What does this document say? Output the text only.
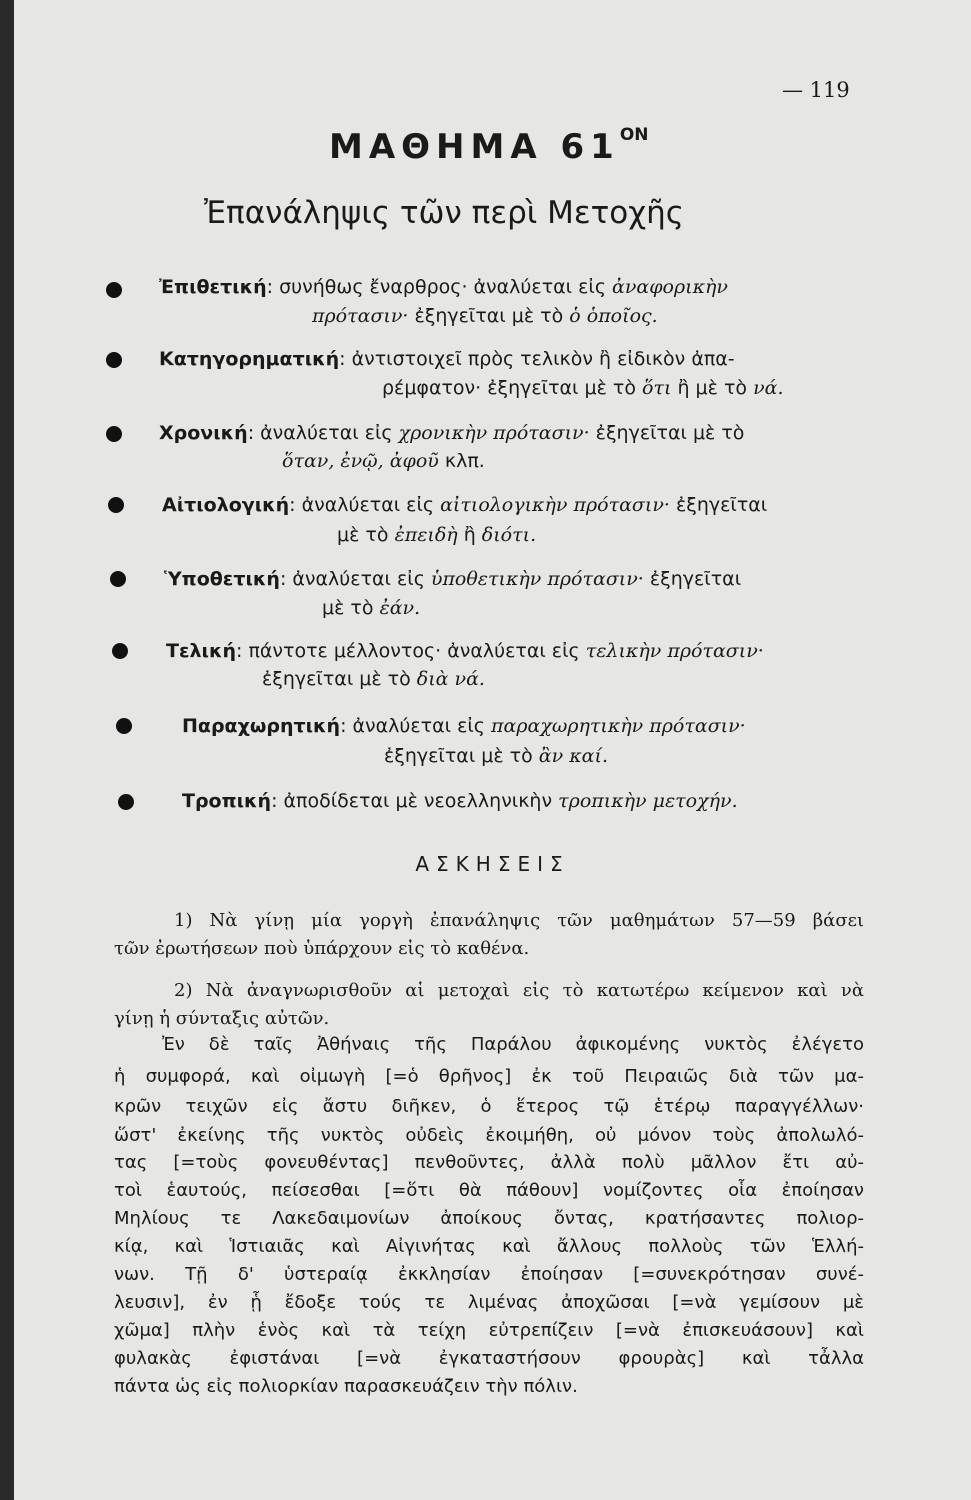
— 119
ΜΑΘΗΜΑ $61^{ON}$
Ἐπανάληψις τῶν περὶ Μετοχῆς
Ἐπιθετική: συνήθως ἔναρθρος· ἀναλύεται εἰς ἀναφορικὴν
πρότασιν· ἐξηγεῖται μὲ τὸ ὁ ὁποῖος.
Κατηγορηματική: ἀντιστοιχεῖ πρὸς τελικὸν ἢ εἰδικὸν ἀπα-
ρέμφατον· ἐξηγεῖται μὲ τὸ ὅτι ἢ μὲ τὸ νά.
Χρονική: ἀναλύεται εἰς χρονικὴν πρότασιν· ἐξηγεῖται μὲ τὸ
ὅταν, ἐνῷ, ἀφοῦ κλπ.
Αἰτιολογική: ἀναλύεται εἰς αἰτιολογικὴν πρότασιν· ἐξηγεῖται
μὲ τὸ ἐπειδὴ ἢ διότι.
Ὑποθετική: ἀναλύεται εἰς ὑποθετικὴν πρότασιν· ἐξηγεῖται
μὲ τὸ ἐάν.
Τελική: πάντοτε μέλλοντος· ἀναλύεται εἰς τελικὴν πρότασιν·
ἐξηγεῖται μὲ τὸ διὰ νά.
Παραχωρητική: ἀναλύεται εἰς παραχωρητικὴν πρότασιν·
ἐξηγεῖται μὲ τὸ ἂν καί.
Τροπική: ἀποδίδεται μὲ νεοελληνικὴν τροπικὴν μετοχήν.
ΑΣΚΗΣΕΙΣ
1) Νὰ γίνῃ μία γοργὴ ἐπανάληψις τῶν μαθημάτων 57—59 βάσει
τῶν ἐρωτήσεων ποὺ ὑπάρχουν εἰς τὸ καθένα.
2) Νὰ ἀναγνωρισθοῦν αἱ μετοχαὶ εἰς τὸ κατωτέρω κείμενον καὶ νὰ
γίνῃ ἡ σύνταξις αὐτῶν.
Ἐν δὲ ταῖς Ἀθήναις τῆς Παράλου ἀφικομένης νυκτὸς ἐλέγετο
ἡ συμφορά, καὶ οἰμωγὴ [=ὁ θρῆνος] ἐκ τοῦ Πειραιῶς διὰ τῶν μα-
κρῶν τειχῶν εἰς ἄστυ διῆκεν, ὁ ἕτερος τῷ ἑτέρῳ παραγγέλλων·
ὥστ' ἐκείνης τῆς νυκτὸς οὐδεὶς ἐκοιμήθη, οὐ μόνον τοὺς ἀπολωλό-
τας [=τοὺς φονευθέντας] πενθοῦντες, ἀλλὰ πολὺ μᾶλλον ἔτι αὐ-
τοὶ ἑαυτούς, πείσεσθαι [=ὅτι θὰ πάθουν] νομίζοντες οἷα ἐποίησαν
Μηλίους τε Λακεδαιμονίων ἀποίκους ὄντας, κρατήσαντες πολιορ-
κίᾳ, καὶ Ἱστιαιᾶς καὶ Αἰγινήτας καὶ ἄλλους πολλοὺς τῶν Ἑλλή-
νων. Τῇ δ' ὑστεραίᾳ ἐκκλησίαν ἐποίησαν [=συνεκρότησαν συνέ-
λευσιν], ἐν ᾗ ἔδοξε τούς τε λιμένας ἀποχῶσαι [=νὰ γεμίσουν μὲ
χῶμα] πλὴν ἑνὸς καὶ τὰ τείχη εὐτρεπίζειν [=νὰ ἐπισκευάσουν] καὶ
φυλακὰς ἐφιστάναι [=νὰ ἐγκαταστήσουν φρουρὰς] καὶ τἆλλα
πάντα ὡς εἰς πολιορκίαν παρασκευάζειν τὴν πόλιν.
